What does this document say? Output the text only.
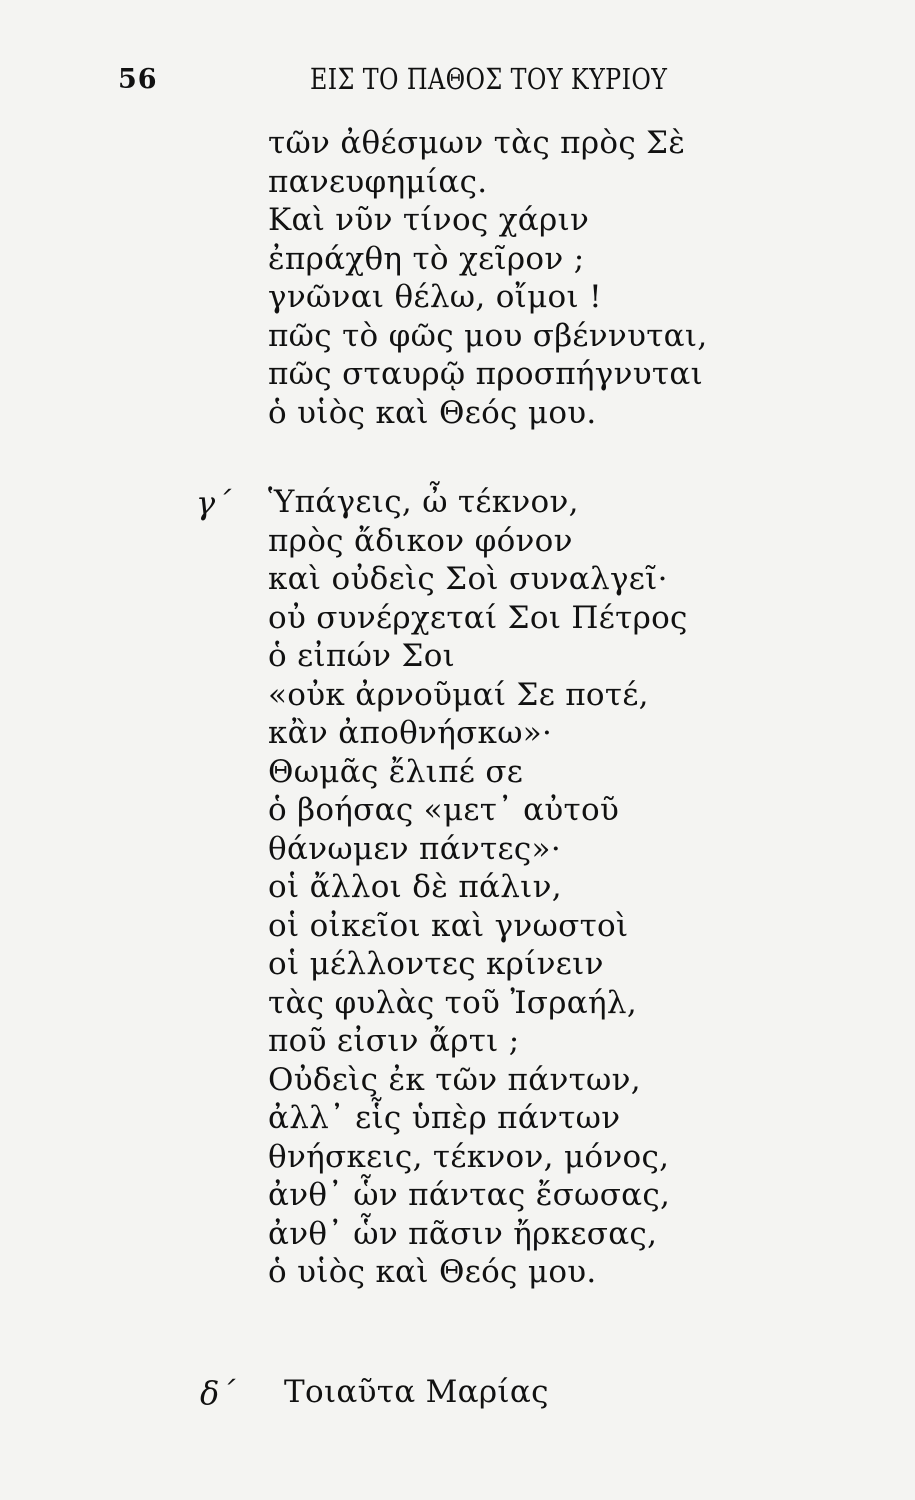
56	ΕΙΣ ΤΟ ΠΑΘΟΣ ΤΟΥ ΚΥΡΙΟΥ
τῶν ἀθέσμων τὰς πρὸς Σὲ
πανευφημίας.
Καὶ νῦν τίνος χάριν
ἐπράχθη τὸ χεῖρον ;
γνῶναι θέλω, οἴμοι !
πῶς τὸ φῶς μου σβέννυται,
πῶς σταυρῷ προσπήγνυται
ὁ υἱὸς καὶ Θεός μου.
γ΄ Ὑπάγεις, ὦ τέκνον,
πρὸς ἄδικον φόνον
καὶ οὐδεὶς Σοὶ συναλγεῖ·
οὐ συνέρχεταί Σοι Πέτρος
ὁ εἰπών Σοι
«οὐκ ἀρνοῦμαί Σε ποτέ,
κἂν ἀποθνήσκω»·
Θωμᾶς ἔλιπέ σε
ὁ βοήσας «μετ᾽ αὐτοῦ
θάνωμεν πάντες»·
οἱ ἄλλοι δὲ πάλιν,
οἱ οἰκεῖοι καὶ γνωστοὶ
οἱ μέλλοντες κρίνειν
τὰς φυλὰς τοῦ Ἰσραήλ,
ποῦ εἰσιν ἄρτι ;
Οὐδεὶς ἐκ τῶν πάντων,
ἀλλ᾽ εἷς ὑπὲρ πάντων
θνήσκεις, τέκνον, μόνος,
ἀνθ᾽ ὧν πάντας ἔσωσας,
ἀνθ᾽ ὧν πᾶσιν ἤρκεσας,
ὁ υἱὸς καὶ Θεός μου.
δ΄	Τοιαῦτα Μαρίας
